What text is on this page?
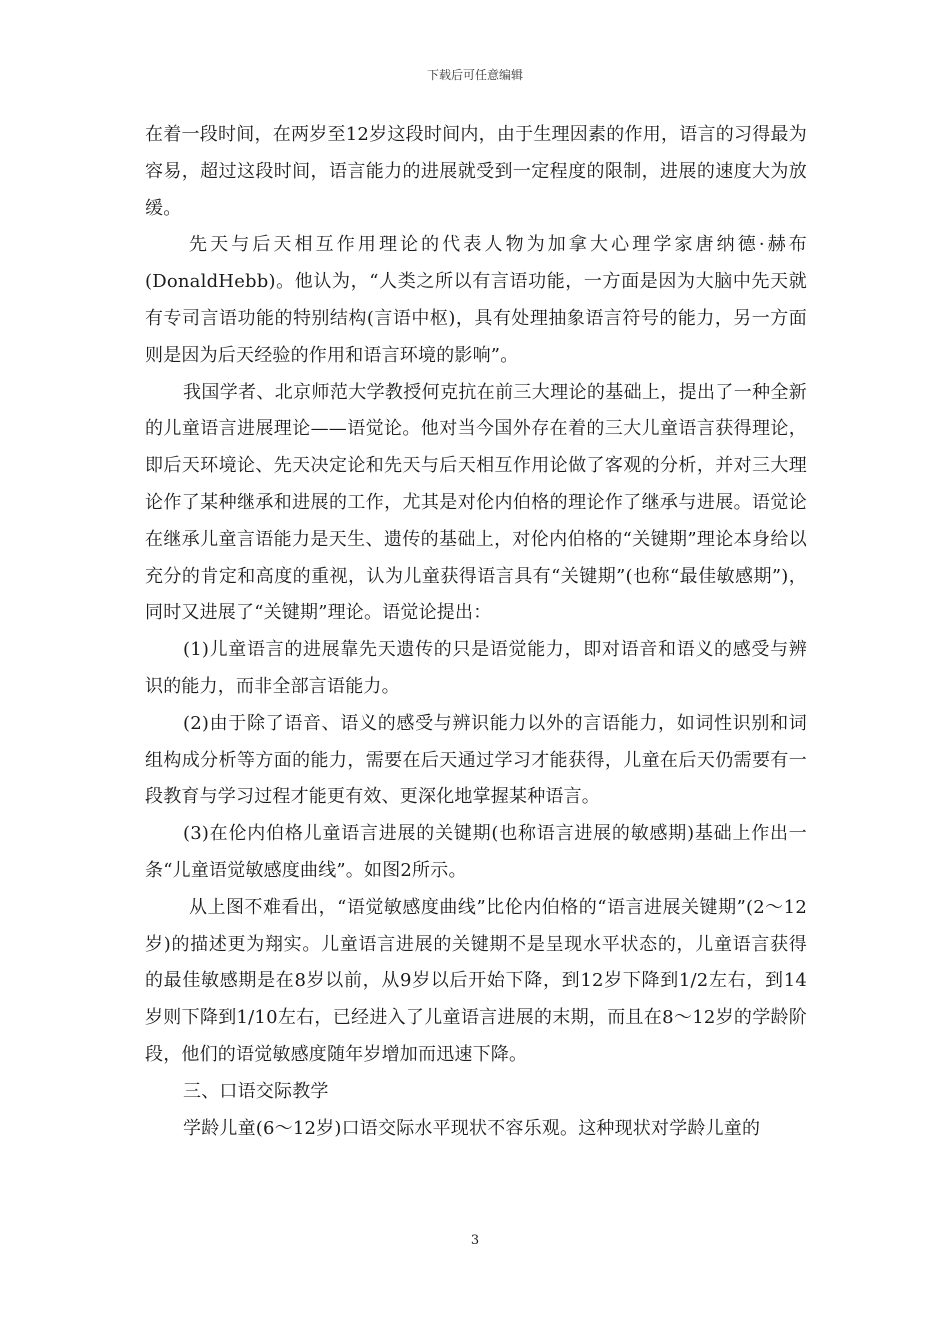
下载后可任意编辑

在着一段时间，在两岁至12岁这段时间内，由于生理因素的作用，语言的习得最为容易，超过这段时间，语言能力的进展就受到一定程度的限制，进展的速度大为放缓。

先天与后天相互作用理论的代表人物为加拿大心理学家唐纳德·赫布(DonaldHebb)。他认为，“人类之所以有言语功能，一方面是因为大脑中先天就有专司言语功能的特别结构(言语中枢)，具有处理抽象语言符号的能力，另一方面则是因为后天经验的作用和语言环境的影响”。

我国学者、北京师范大学教授何克抗在前三大理论的基础上，提出了一种全新的儿童语言进展理论——语觉论。他对当今国外存在着的三大儿童语言获得理论，即后天环境论、先天决定论和先天与后天相互作用论做了客观的分析，并对三大理论作了某种继承和进展的工作，尤其是对伦内伯格的理论作了继承与进展。语觉论在继承儿童言语能力是天生、遗传的基础上，对伦内伯格的“关键期”理论本身给以充分的肯定和高度的重视，认为儿童获得语言具有“关键期”(也称“最佳敏感期”)，同时又进展了“关键期”理论。语觉论提出：

(1)儿童语言的进展靠先天遗传的只是语觉能力，即对语音和语义的感受与辨识的能力，而非全部言语能力。

(2)由于除了语音、语义的感受与辨识能力以外的言语能力，如词性识别和词组构成分析等方面的能力，需要在后天通过学习才能获得，儿童在后天仍需要有一段教育与学习过程才能更有效、更深化地掌握某种语言。

(3)在伦内伯格儿童语言进展的关键期(也称语言进展的敏感期)基础上作出一条“儿童语觉敏感度曲线”。如图2所示。

从上图不难看出，“语觉敏感度曲线”比伦内伯格的“语言进展关键期”(2～12岁)的描述更为翔实。儿童语言进展的关键期不是呈现水平状态的，儿童语言获得的最佳敏感期是在8岁以前，从9岁以后开始下降，到12岁下降到1/2左右，到14岁则下降到1/10左右，已经进入了儿童语言进展的末期，而且在8～12岁的学龄阶段，他们的语觉敏感度随年岁增加而迅速下降。

三、口语交际教学

学龄儿童(6～12岁)口语交际水平现状不容乐观。这种现状对学龄儿童的

3
